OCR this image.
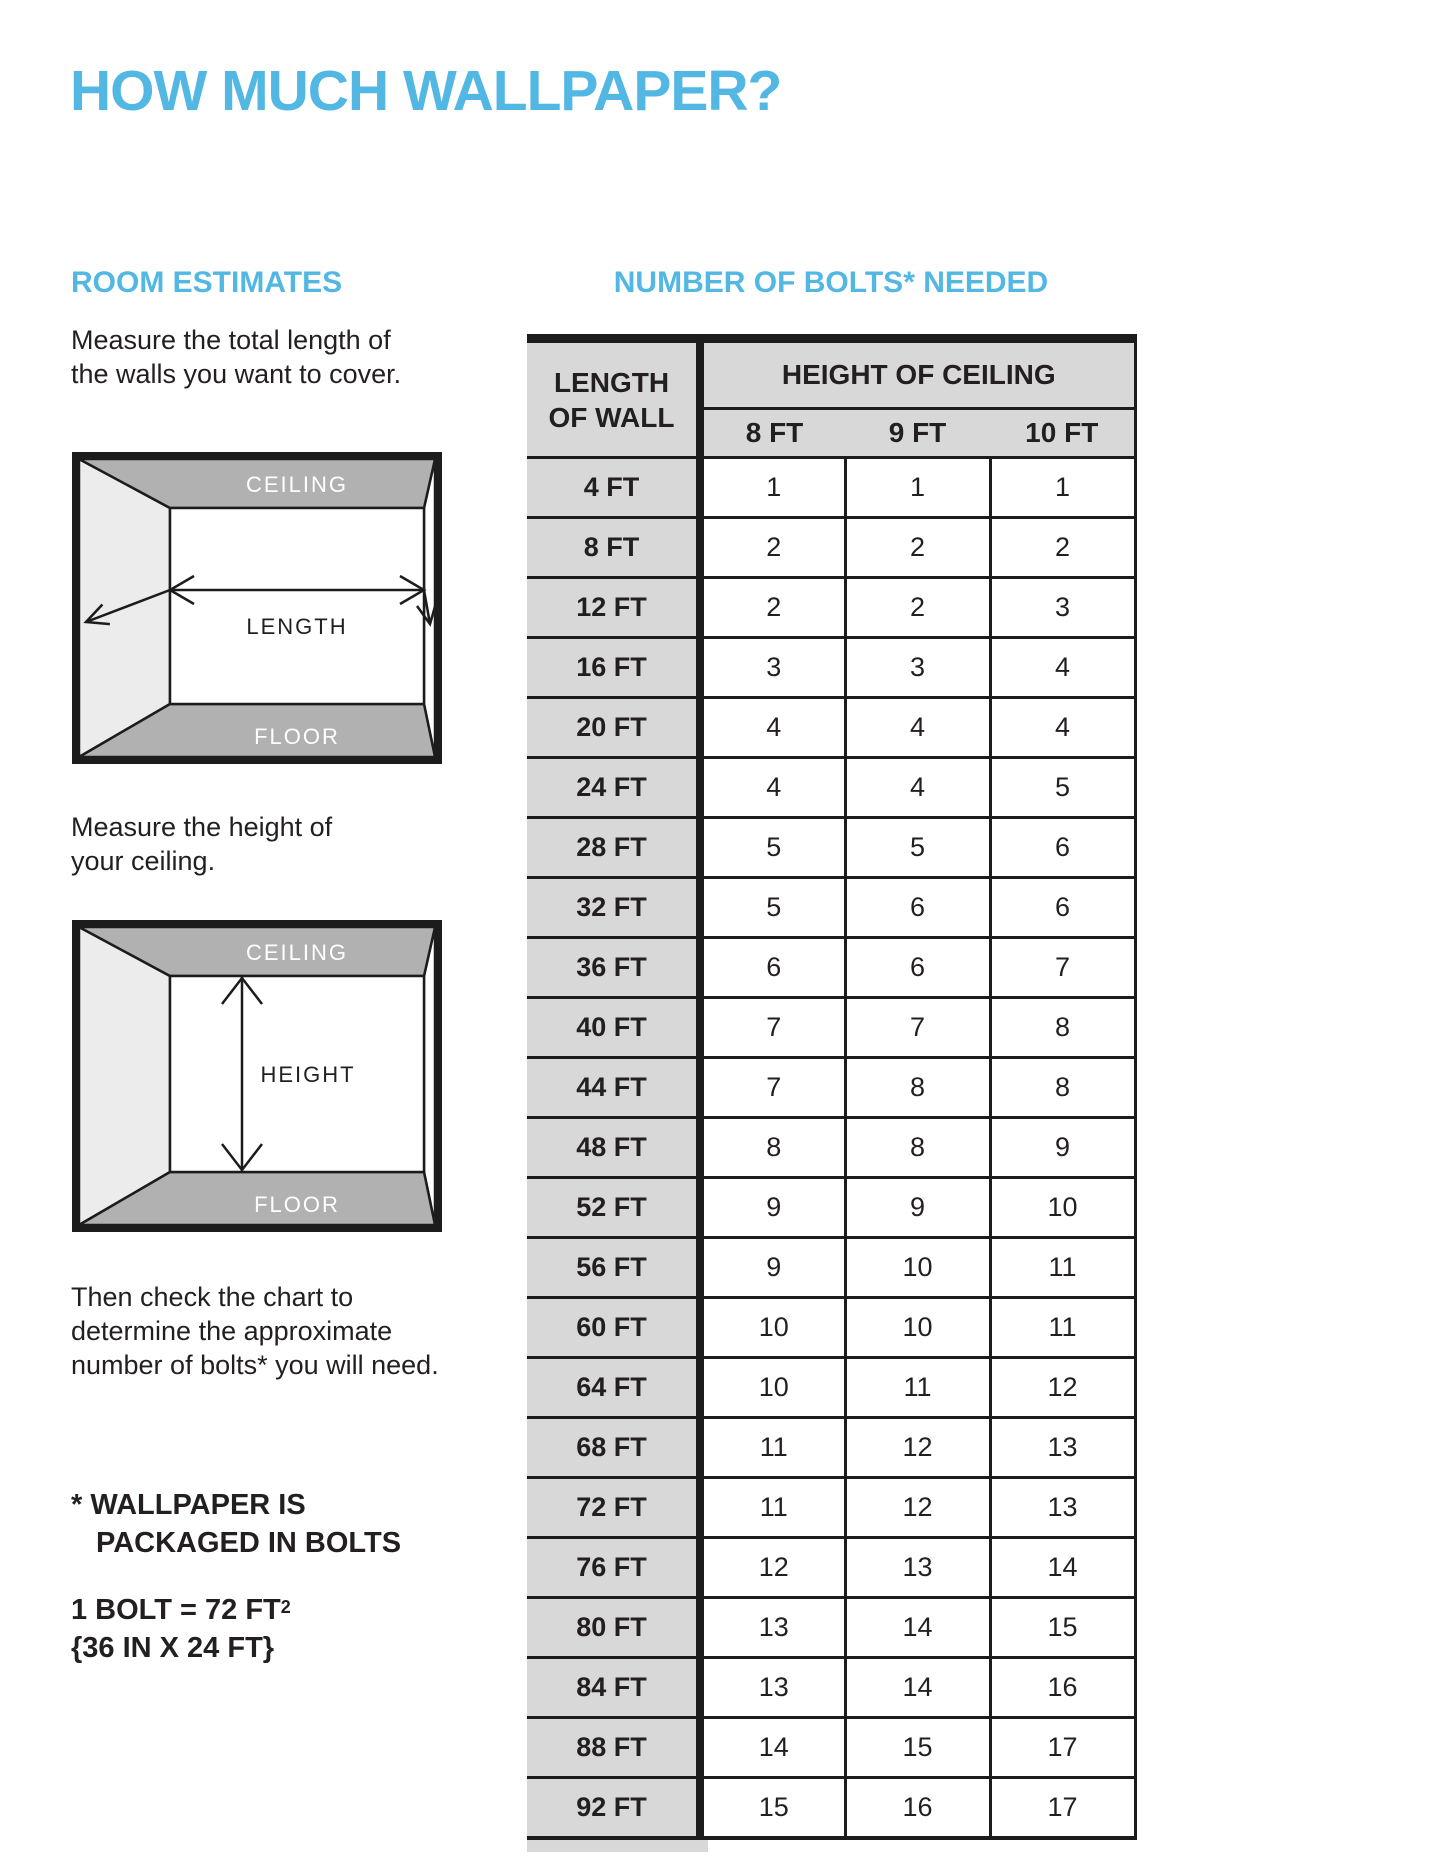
HOW MUCH WALLPAPER?
ROOM ESTIMATES	NUMBER OF BOLTS* NEEDED

Measure the total length of
the walls you want to cover.

CEILING
LENGTH
FLOOR

Measure the height of
your ceiling.

CEILING
HEIGHT
FLOOR

Then check the chart to
determine the approximate
number of bolts* you will need.

* WALLPAPER IS
PACKAGED IN BOLTS

1 BOLT = 72 $FT^2$
{36 IN X 24 FT}

LENGTH
OF WALL	HEIGHT OF CEILING		
	8 FT	9 FT	10 FT
4 FT	1	1	1
8 FT	2	2	2
12 FT	2	2	3
16 FT	3	3	4
20 FT	4	4	4
24 FT	4	4	5
28 FT	5	5	6
32 FT	5	6	6
36 FT	6	6	7
40 FT	7	7	8
44 FT	7	8	8
48 FT	8	8	9
52 FT	9	9	10
56 FT	9	10	11
60 FT	10	10	11
64 FT	10	11	12
68 FT	11	12	13
72 FT	11	12	13
76 FT	12	13	14
80 FT	13	14	15
84 FT	13	14	16
88 FT	14	15	17
92 FT	15	16	17
